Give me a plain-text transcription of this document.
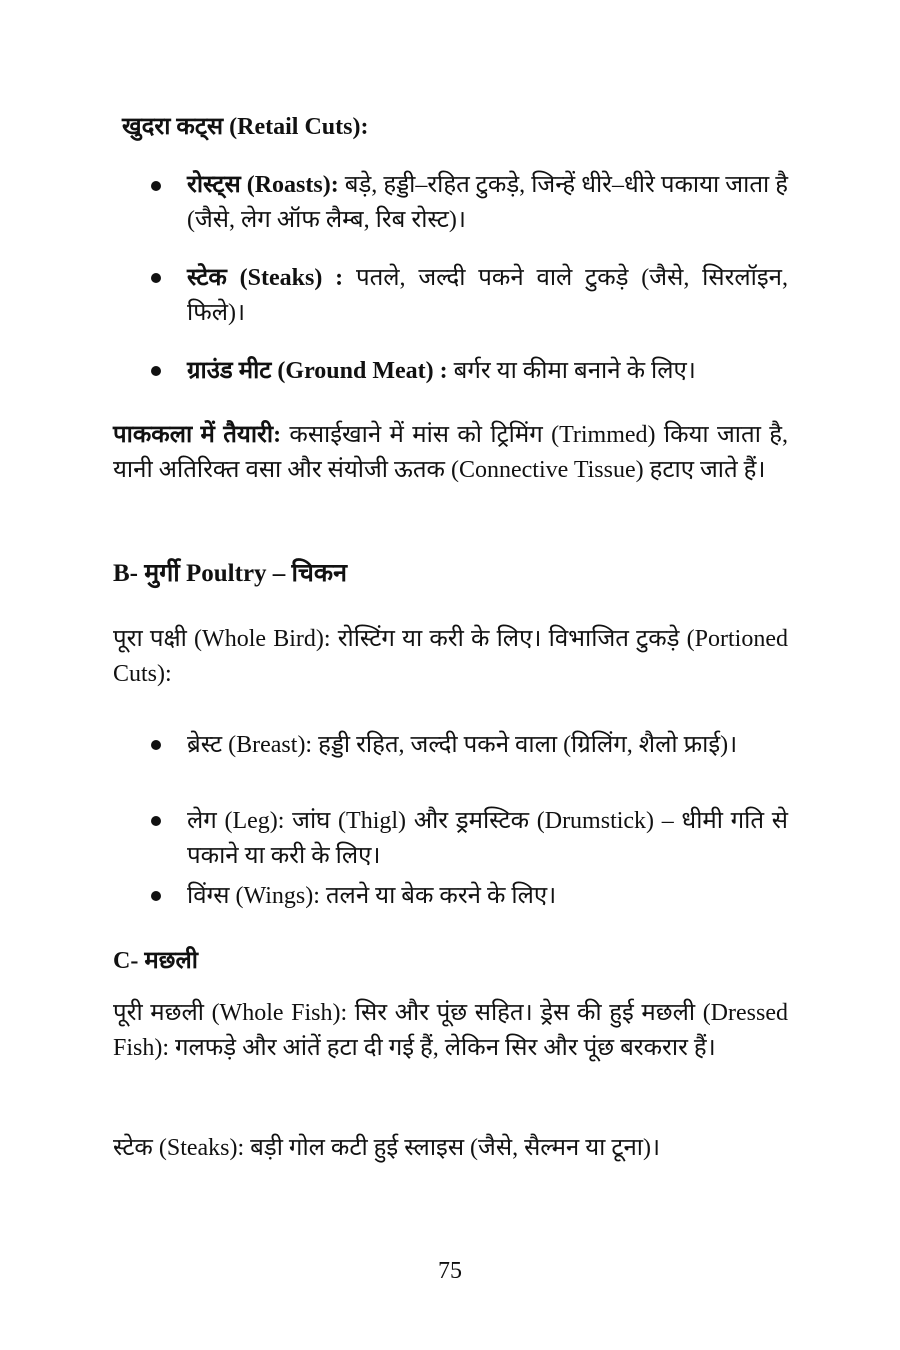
खुदरा कट्स (Retail Cuts):
रोस्ट्स (Roasts): बड़े, हड्डी–रहित टुकड़े, जिन्हें धीरे–धीरे पकाया जाता है (जैसे, लेग ऑफ लैम्ब, रिब रोस्ट)।
स्टेक (Steaks) : पतले, जल्दी पकने वाले टुकड़े (जैसे, सिरलॉइन, फिले)।
ग्राउंड मीट (Ground Meat) : बर्गर या कीमा बनाने के लिए।
पाककला में तैयारी: कसाईखाने में मांस को ट्रिमिंग (Trimmed) किया जाता है, यानी अतिरिक्त वसा और संयोजी ऊतक (Connective Tissue) हटाए जाते हैं।
B- मुर्गी Poultry – चिकन
पूरा पक्षी (Whole Bird): रोस्टिंग या करी के लिए। विभाजित टुकड़े (Portioned Cuts):
ब्रेस्ट (Breast): हड्डी रहित, जल्दी पकने वाला (ग्रिलिंग, शैलो फ्राई)।
लेग (Leg): जांघ (Thigl) और ड्रमस्टिक (Drumstick) – धीमी गति से पकाने या करी के लिए।
विंग्स (Wings): तलने या बेक करने के लिए।
C- मछली
पूरी मछली (Whole Fish): सिर और पूंछ सहित। ड्रेस की हुई मछली (Dressed Fish): गलफड़े और आंतें हटा दी गई हैं, लेकिन सिर और पूंछ बरकरार हैं।
स्टेक (Steaks): बड़ी गोल कटी हुई स्लाइस (जैसे, सैल्मन या टूना)।
75
